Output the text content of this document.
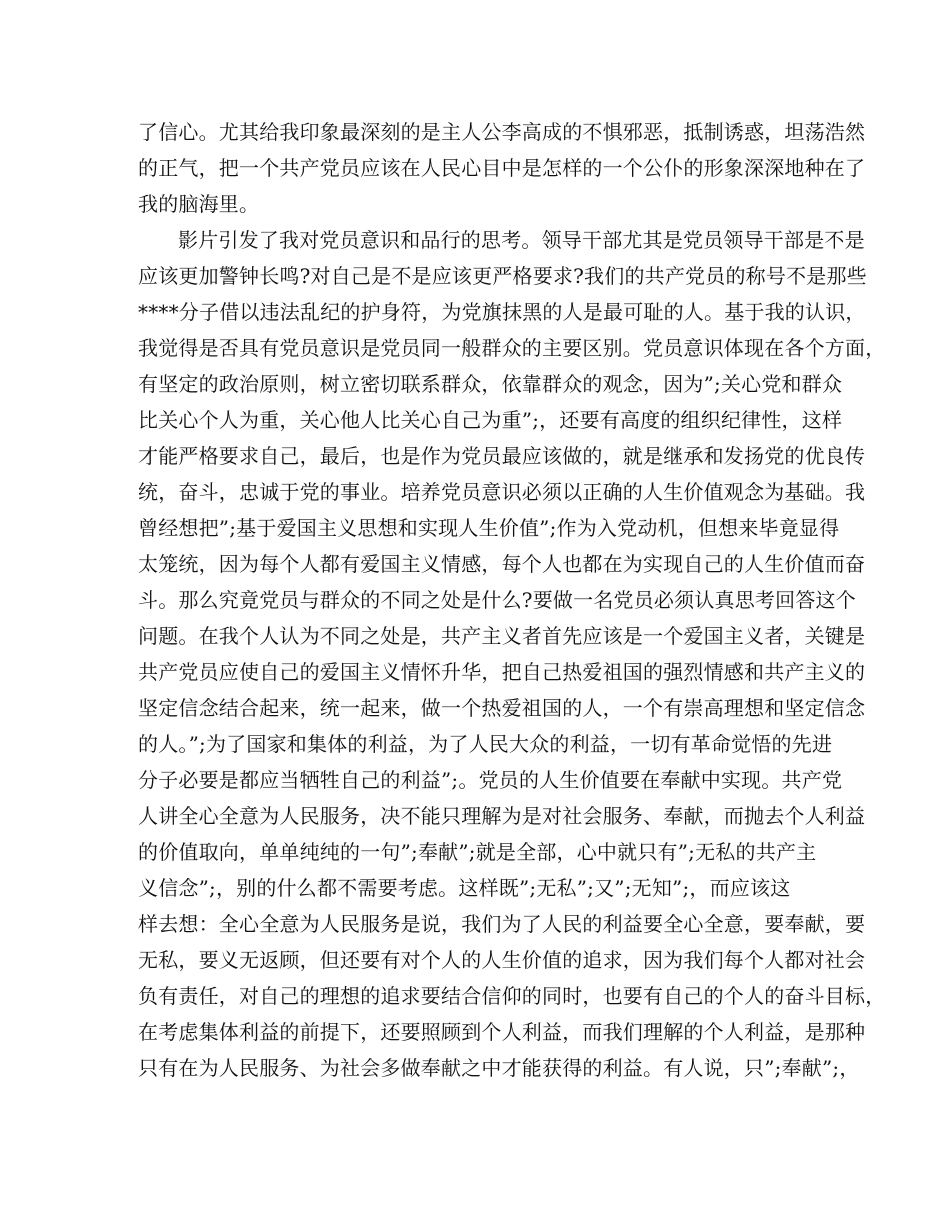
了信心。尤其给我印象最深刻的是主人公李高成的不惧邪恶，抵制诱惑，坦荡浩然
的正气，把一个共产党员应该在人民心目中是怎样的一个公仆的形象深深地种在了
我的脑海里。
影片引发了我对党员意识和品行的思考。领导干部尤其是党员领导干部是不是
应该更加警钟长鸣?对自己是不是应该更严格要求?我们的共产党员的称号不是那些
****分子借以违法乱纪的护身符，为党旗抹黑的人是最可耻的人。基于我的认识，
我觉得是否具有党员意识是党员同一般群众的主要区别。党员意识体现在各个方面，
有坚定的政治原则，树立密切联系群众，依靠群众的观念，因为”;关心党和群众
比关心个人为重，关心他人比关心自己为重”;，还要有高度的组织纪律性，这样
才能严格要求自己，最后，也是作为党员最应该做的，就是继承和发扬党的优良传
统，奋斗，忠诚于党的事业。培养党员意识必须以正确的人生价值观念为基础。我
曾经想把”;基于爱国主义思想和实现人生价值”;作为入党动机，但想来毕竟显得
太笼统，因为每个人都有爱国主义情感，每个人也都在为实现自己的人生价值而奋
斗。那么究竟党员与群众的不同之处是什么?要做一名党员必须认真思考回答这个
问题。在我个人认为不同之处是，共产主义者首先应该是一个爱国主义者，关键是
共产党员应使自己的爱国主义情怀升华，把自己热爱祖国的强烈情感和共产主义的
坚定信念结合起来，统一起来，做一个热爱祖国的人，一个有崇高理想和坚定信念
的人。”;为了国家和集体的利益，为了人民大众的利益，一切有革命觉悟的先进
分子必要是都应当牺牲自己的利益”;。党员的人生价值要在奉献中实现。共产党
人讲全心全意为人民服务，决不能只理解为是对社会服务、奉献，而抛去个人利益
的价值取向，单单纯纯的一句”;奉献”;就是全部，心中就只有”;无私的共产主
义信念”;，别的什么都不需要考虑。这样既”;无私”;又”;无知”;，而应该这
样去想：全心全意为人民服务是说，我们为了人民的利益要全心全意，要奉献，要
无私，要义无返顾，但还要有对个人的人生价值的追求，因为我们每个人都对社会
负有责任，对自己的理想的追求要结合信仰的同时，也要有自己的个人的奋斗目标，
在考虑集体利益的前提下，还要照顾到个人利益，而我们理解的个人利益，是那种
只有在为人民服务、为社会多做奉献之中才能获得的利益。有人说，只”;奉献”;，
